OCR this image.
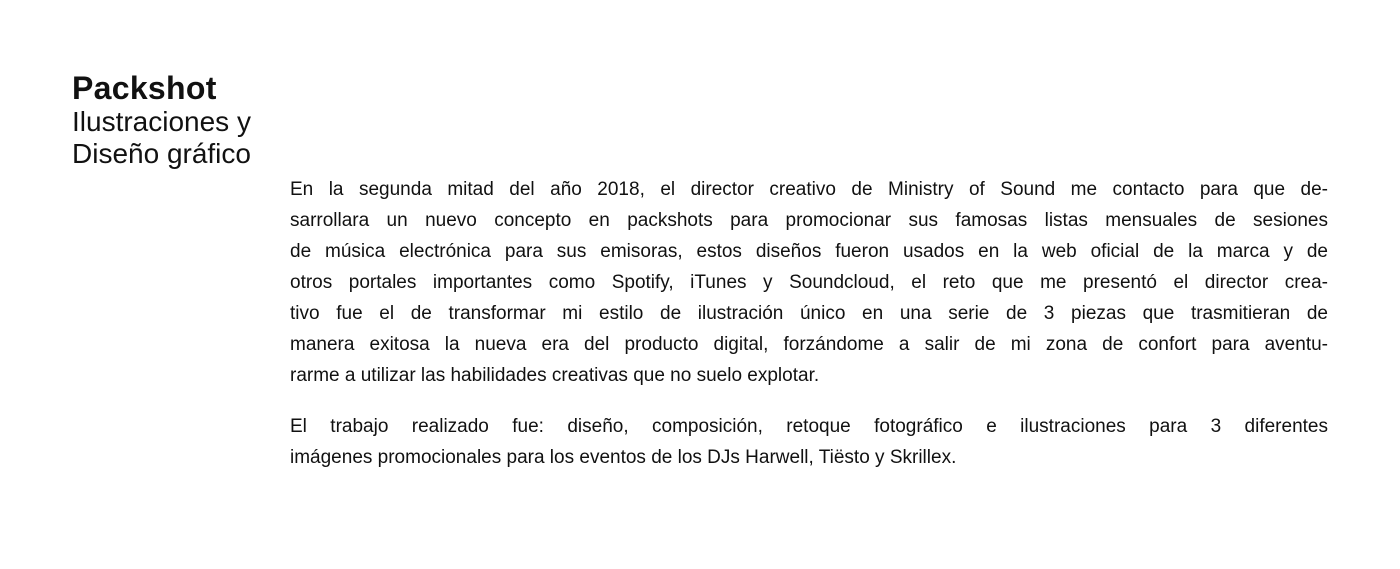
Packshot
Ilustraciones y
Diseño gráfico
En la segunda mitad del año 2018, el director creativo de Ministry of Sound me contacto para que de-
sarrollara un nuevo concepto en packshots para promocionar sus famosas listas mensuales de sesiones
de música electrónica para sus emisoras, estos diseños fueron usados en la web oficial de la marca y de
otros portales importantes como Spotify, iTunes y Soundcloud, el reto que me presentó el director crea-
tivo fue el de transformar mi estilo de ilustración único en una serie de 3 piezas que trasmitieran de
manera exitosa la nueva era del producto digital, forzándome a salir de mi zona de confort para aventu-
rarme a utilizar las habilidades creativas que no suelo explotar.
El trabajo realizado fue: diseño, composición, retoque fotográfico e ilustraciones para 3 diferentes
imágenes promocionales para los eventos de los DJs Harwell, Tiësto y Skrillex.
